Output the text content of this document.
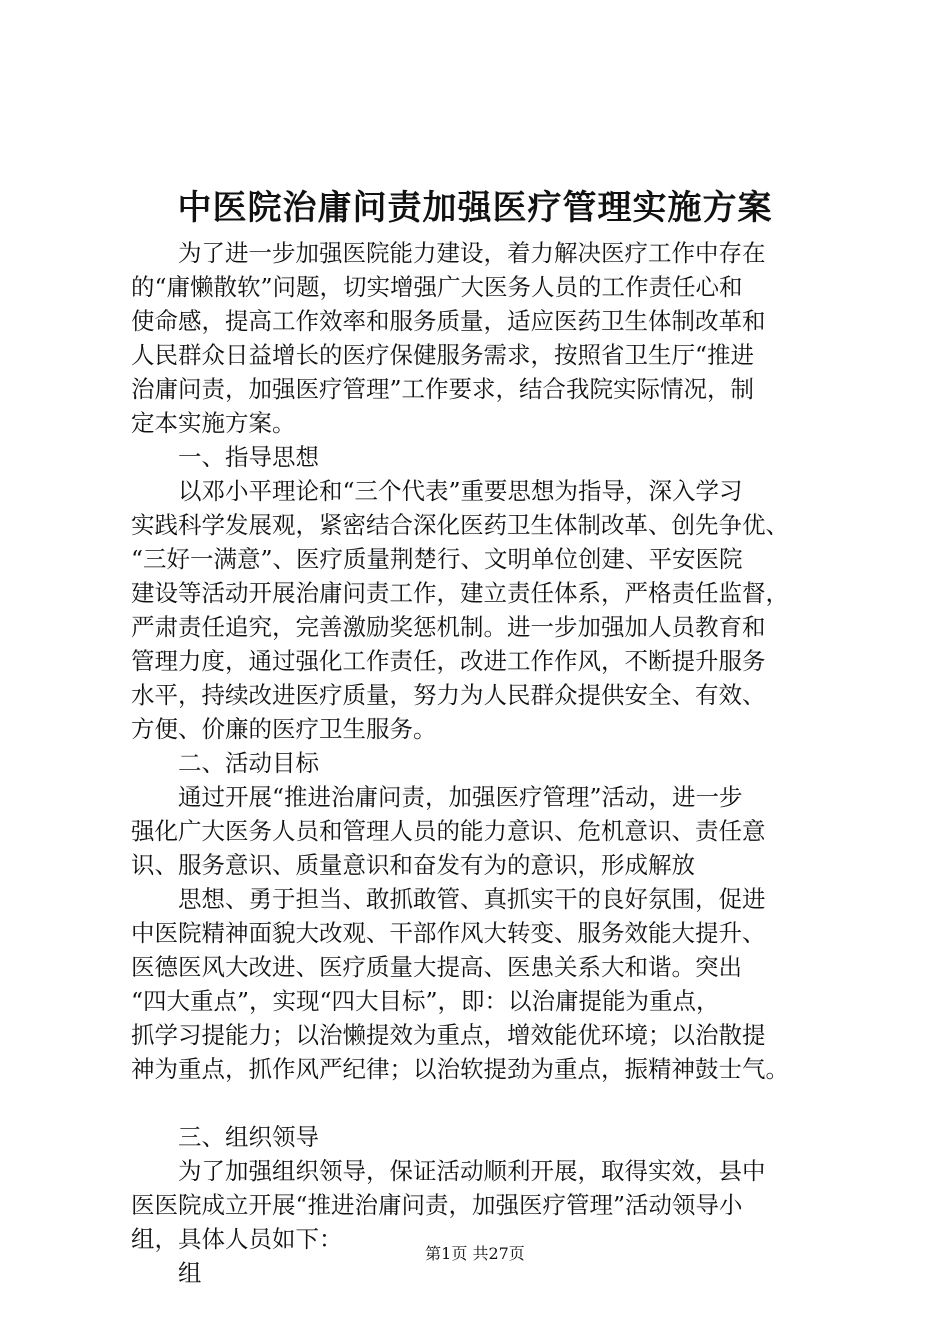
中医院治庸问责加强医疗管理实施方案
　　为了进一步加强医院能力建设，着力解决医疗工作中存在
的“庸懒散软”问题，切实增强广大医务人员的工作责任心和
使命感，提高工作效率和服务质量，适应医药卫生体制改革和
人民群众日益增长的医疗保健服务需求，按照省卫生厅“推进
治庸问责，加强医疗管理”工作要求，结合我院实际情况，制
定本实施方案。
　　一、指导思想
　　以邓小平理论和“三个代表”重要思想为指导，深入学习
实践科学发展观，紧密结合深化医药卫生体制改革、创先争优、
“三好一满意”、医疗质量荆楚行、文明单位创建、平安医院
建设等活动开展治庸问责工作，建立责任体系，严格责任监督，
严肃责任追究，完善激励奖惩机制。进一步加强加人员教育和
管理力度，通过强化工作责任，改进工作作风，不断提升服务
水平，持续改进医疗质量，努力为人民群众提供安全、有效、
方便、价廉的医疗卫生服务。
　　二、活动目标
　　通过开展“推进治庸问责，加强医疗管理”活动，进一步
强化广大医务人员和管理人员的能力意识、危机意识、责任意
识、服务意识、质量意识和奋发有为的意识，形成解放
　　思想、勇于担当、敢抓敢管、真抓实干的良好氛围，促进
中医院精神面貌大改观、干部作风大转变、服务效能大提升、
医德医风大改进、医疗质量大提高、医患关系大和谐。突出
“四大重点”，实现“四大目标”，即：以治庸提能为重点，
抓学习提能力；以治懒提效为重点，增效能优环境；以治散提
神为重点，抓作风严纪律；以治软提劲为重点，振精神鼓士气。
　　三、组织领导
　　为了加强组织领导，保证活动顺利开展，取得实效，县中
医医院成立开展“推进治庸问责，加强医疗管理”活动领导小
组，具体人员如下：
　　组
第1页 共27页
